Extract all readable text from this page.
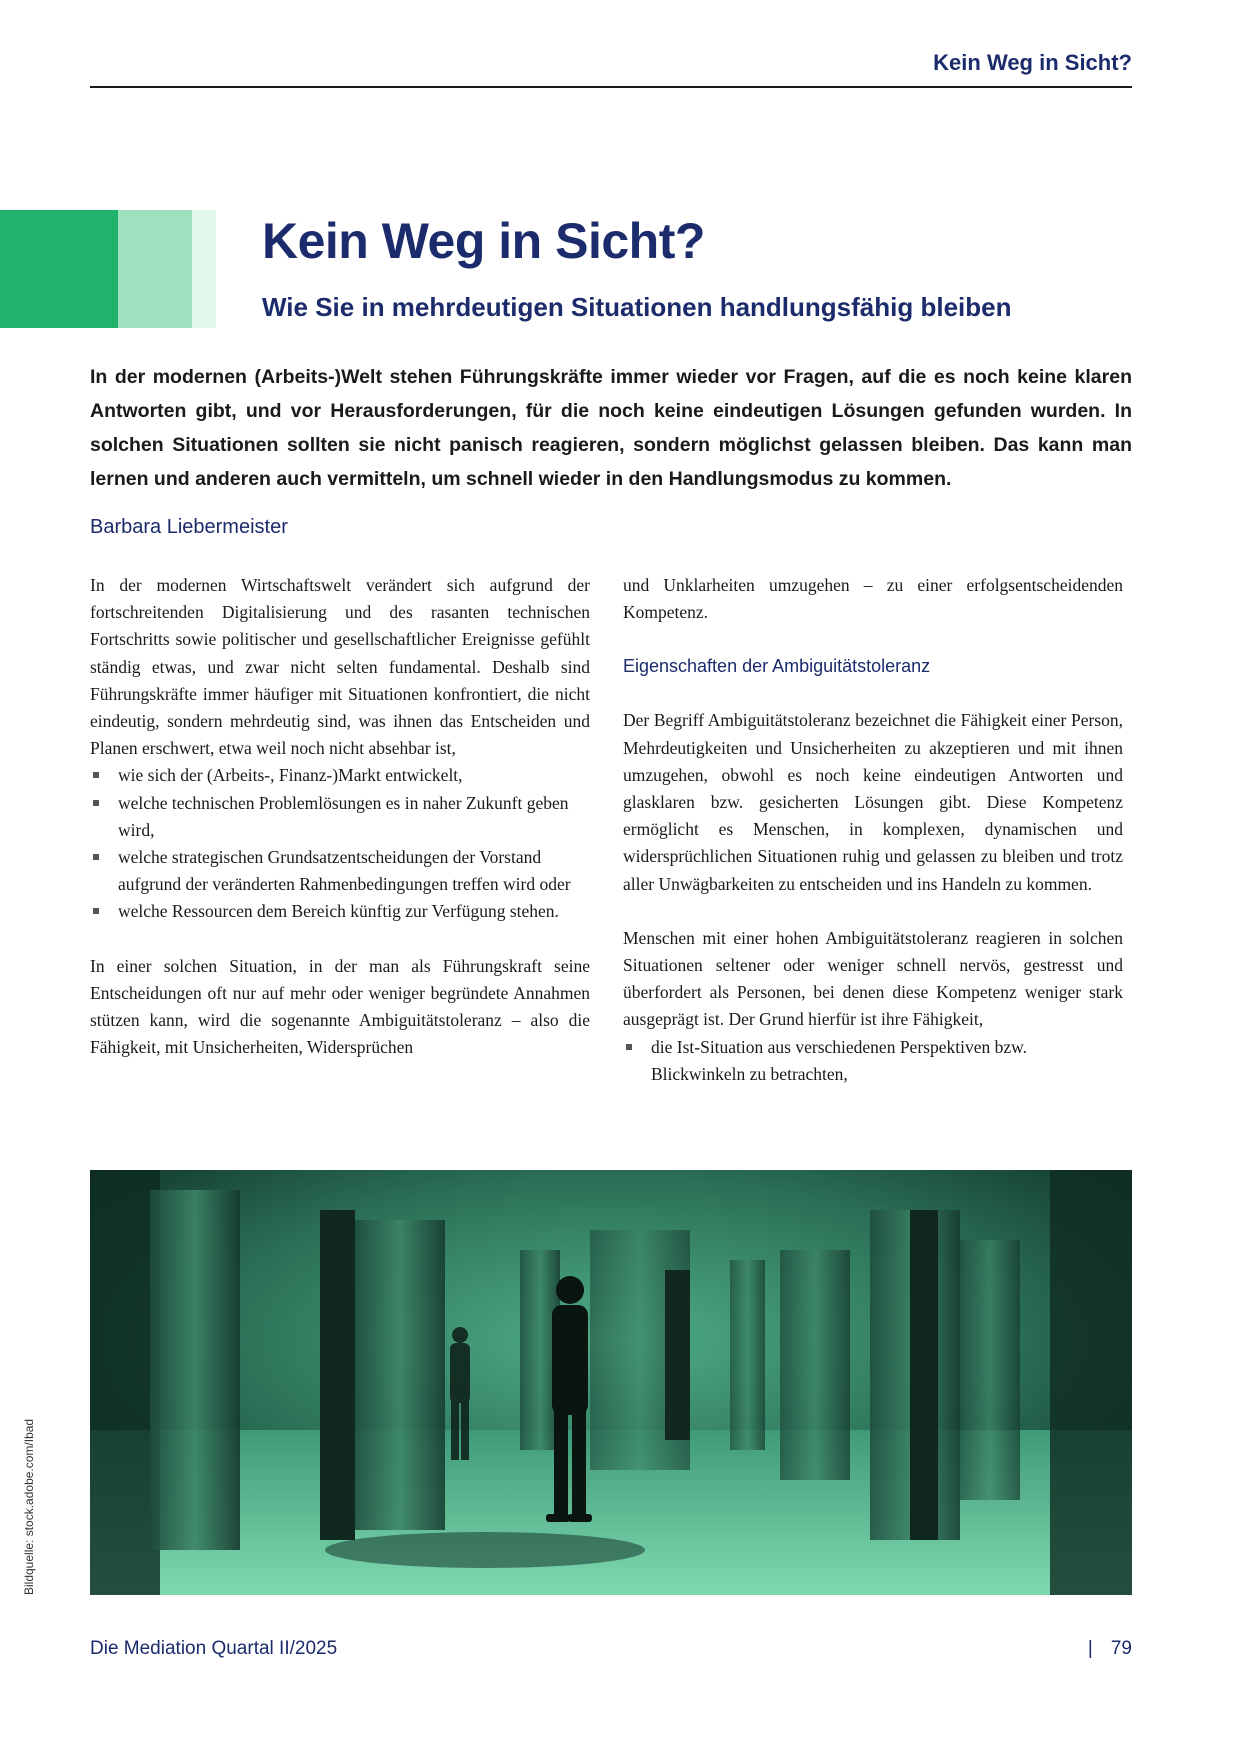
Kein Weg in Sicht?
Kein Weg in Sicht?
Wie Sie in mehrdeutigen Situationen handlungsfähig bleiben

In der modernen (Arbeits-)Welt stehen Führungskräfte immer wieder vor Fragen, auf die es noch keine klaren Antworten gibt, und vor Herausforderungen, für die noch keine eindeutigen Lösungen gefunden wurden. In solchen Situationen sollten sie nicht panisch reagieren, sondern möglichst gelassen bleiben. Das kann man lernen und anderen auch vermitteln, um schnell wieder in den Handlungsmodus zu kommen.

Barbara Liebermeister

In der modernen Wirtschaftswelt verändert sich aufgrund der fortschreitenden Digitalisierung und des rasanten technischen Fortschritts sowie politischer und gesellschaftlicher Ereignisse gefühlt ständig etwas, und zwar nicht selten fundamental. Deshalb sind Führungskräfte immer häufiger mit Situationen konfrontiert, die nicht eindeutig, sondern mehrdeutig sind, was ihnen das Entscheiden und Planen erschwert, etwa weil noch nicht absehbar ist,

wie sich der (Arbeits-, Finanz-)Markt entwickelt,
welche technischen Problemlösungen es in naher Zukunft geben wird,
welche strategischen Grundsatzentscheidungen der Vorstand aufgrund der veränderten Rahmenbedingungen treffen wird oder
welche Ressourcen dem Bereich künftig zur Verfügung stehen.

In einer solchen Situation, in der man als Führungskraft seine Entscheidungen oft nur auf mehr oder weniger begründete Annahmen stützen kann, wird die sogenannte Ambiguitätstoleranz – also die Fähigkeit, mit Unsicherheiten, Widersprüchen

und Unklarheiten umzugehen – zu einer erfolgsentscheidenden Kompetenz.

Eigenschaften der Ambiguitätstoleranz

Der Begriff Ambiguitätstoleranz bezeichnet die Fähigkeit einer Person, Mehrdeutigkeiten und Unsicherheiten zu akzeptieren und mit ihnen umzugehen, obwohl es noch keine eindeutigen Antworten und glasklaren bzw. gesicherten Lösungen gibt. Diese Kompetenz ermöglicht es Menschen, in komplexen, dynamischen und widersprüchlichen Situationen ruhig und gelassen zu bleiben und trotz aller Unwägbarkeiten zu entscheiden und ins Handeln zu kommen.

Menschen mit einer hohen Ambiguitätstoleranz reagieren in solchen Situationen seltener oder weniger schnell nervös, gestresst und überfordert als Personen, bei denen diese Kompetenz weniger stark ausgeprägt ist. Der Grund hierfür ist ihre Fähigkeit,

die Ist-Situation aus verschiedenen Perspektiven bzw. Blickwinkeln zu betrachten,
Bildquelle: stock.adobe.com/Ibad
Die Mediation Quartal II/2025	| 79
